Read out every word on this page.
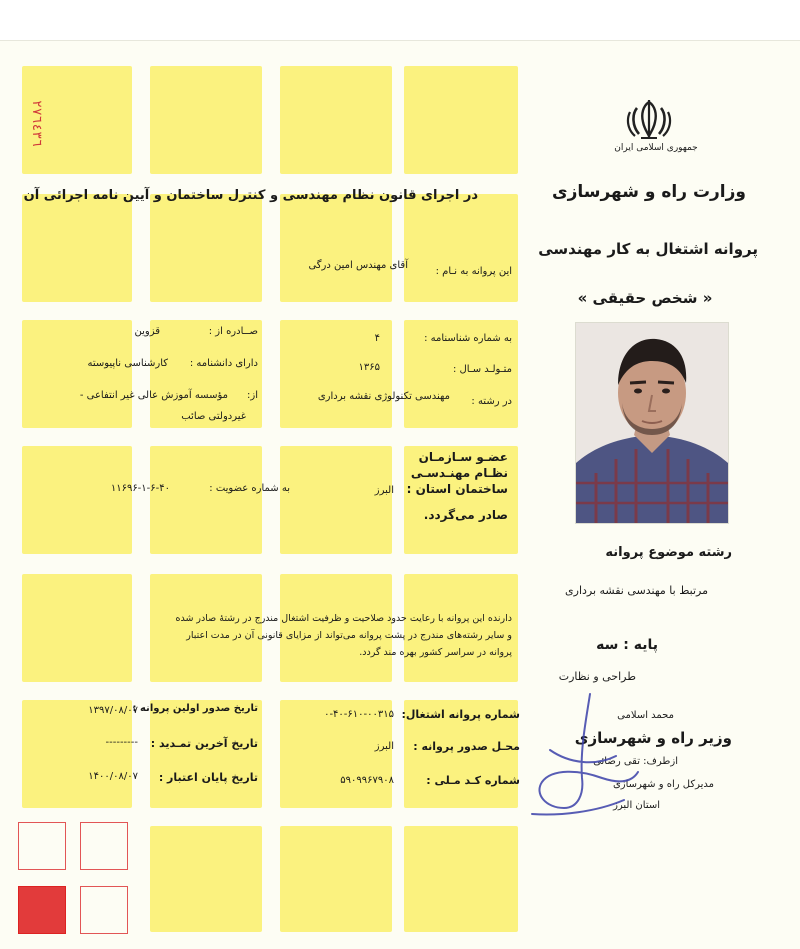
٢٧٦٤٣٦
جمهوری اسلامی ایران
وزارت راه و شهرسازی
پروانه اشتغال به کار مهندسی
« شخص حقیقی »
در اجرای قانون نظام مهندسی و کنترل ساختمان و آیین نامه اجرائی آن
این پروانه به نـام :
آقای مهندس امین درگی
به شماره شناسنامه :
۴
صــادره از :
قزوین
متـولـد سـال :
۱۳۶۵
دارای دانشنامه :
کارشناسی ناپیوسته
در رشته :
مهندسی تکنولوژی نقشه برداری
از:
مؤسسه آموزش عالی غیر انتفاعی -
غیردولتی صائب
عضـو سـازمـان
نظـام مهنـدسـی
ساختمان استان :
البرز
به شماره عضویت :
۱۱۶۹۶-۱-۶-۴۰
صادر می‌گردد.
رشته موضوع پروانه
مرتبط با مهندسی نقشه برداری
پایه : سه
طراحی و نظارت
دارنده این پروانه با رعایت حدود صلاحیت و ظرفیت اشتغال مندرج در رشتهٔ صادر شده
و سایر رشته‌های مندرج در پشت پروانه می‌تواند از مزایای قانونی آن در مدت اعتبار
پروانه در سراسر کشور بهره مند گردد.
شماره پروانه اشتغال:
۰-۴۰-۶۱۰-۰۰۳۱۵
تاریخ صدور اولین پروانه :
۱۳۹۷/۰۸/۰۷
محـل صدور پروانه :
البرز
تاریخ آخرین تمـدید :
---------
شماره کـد مـلی :
۵۹۰۹۹۶۷۹۰۸
تاریخ پایان اعتبار :
۱۴۰۰/۰۸/۰۷
محمد اسلامی
وزیر راه و شهرسازی
ازطرف: تقی رضائی
مدیرکل راه و شهرسازی
استان البرز
